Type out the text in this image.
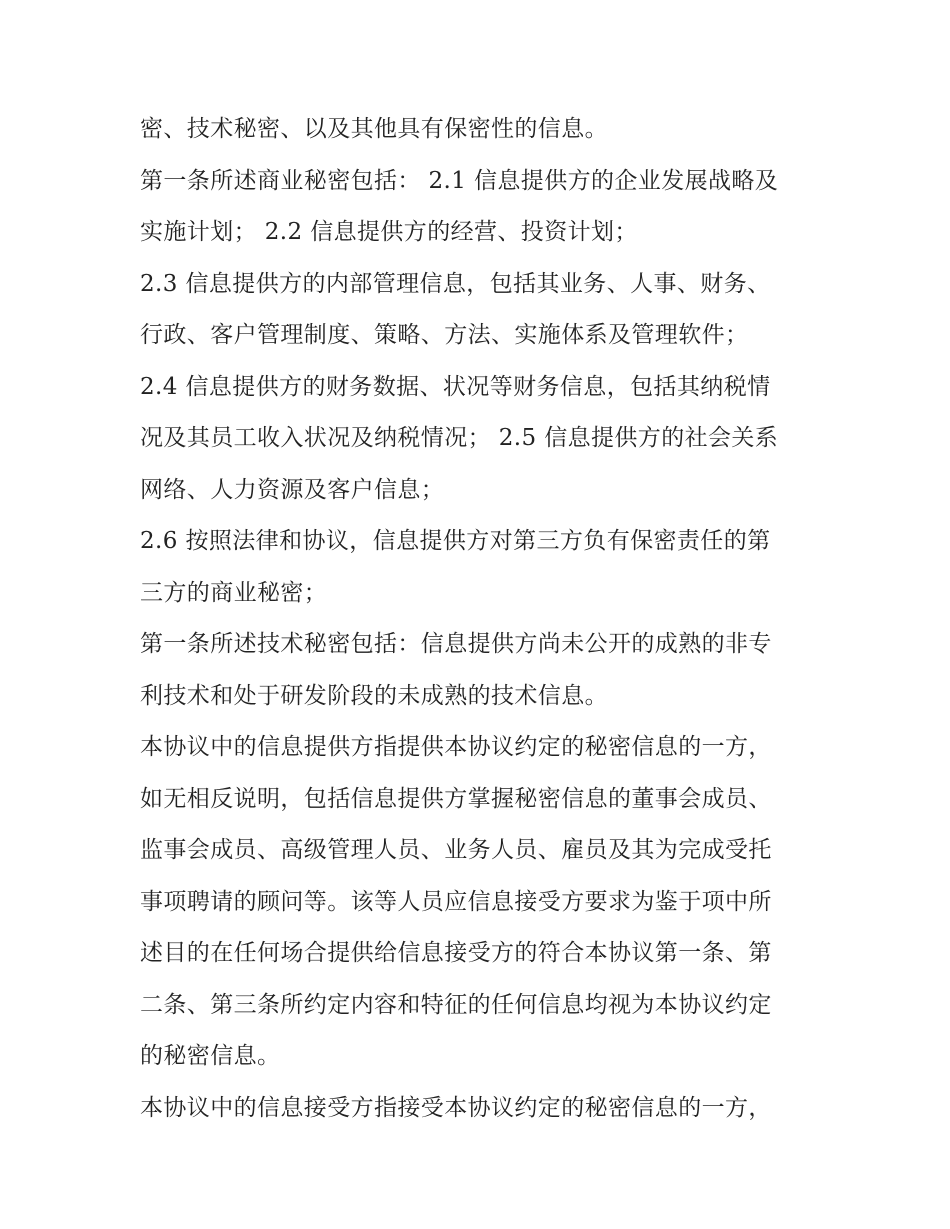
密、技术秘密、以及其他具有保密性的信息。
第一条所述商业秘密包括： 2.1 信息提供方的企业发展战略及
实施计划； 2.2 信息提供方的经营、投资计划；
2.3 信息提供方的内部管理信息，包括其业务、人事、财务、
行政、客户管理制度、策略、方法、实施体系及管理软件；
2.4 信息提供方的财务数据、状况等财务信息，包括其纳税情
况及其员工收入状况及纳税情况； 2.5 信息提供方的社会关系
网络、人力资源及客户信息；
2.6 按照法律和协议，信息提供方对第三方负有保密责任的第
三方的商业秘密；
第一条所述技术秘密包括：信息提供方尚未公开的成熟的非专
利技术和处于研发阶段的未成熟的技术信息。
本协议中的信息提供方指提供本协议约定的秘密信息的一方，
如无相反说明，包括信息提供方掌握秘密信息的董事会成员、
监事会成员、高级管理人员、业务人员、雇员及其为完成受托
事项聘请的顾问等。该等人员应信息接受方要求为鉴于项中所
述目的在任何场合提供给信息接受方的符合本协议第一条、第
二条、第三条所约定内容和特征的任何信息均视为本协议约定
的秘密信息。
本协议中的信息接受方指接受本协议约定的秘密信息的一方，
